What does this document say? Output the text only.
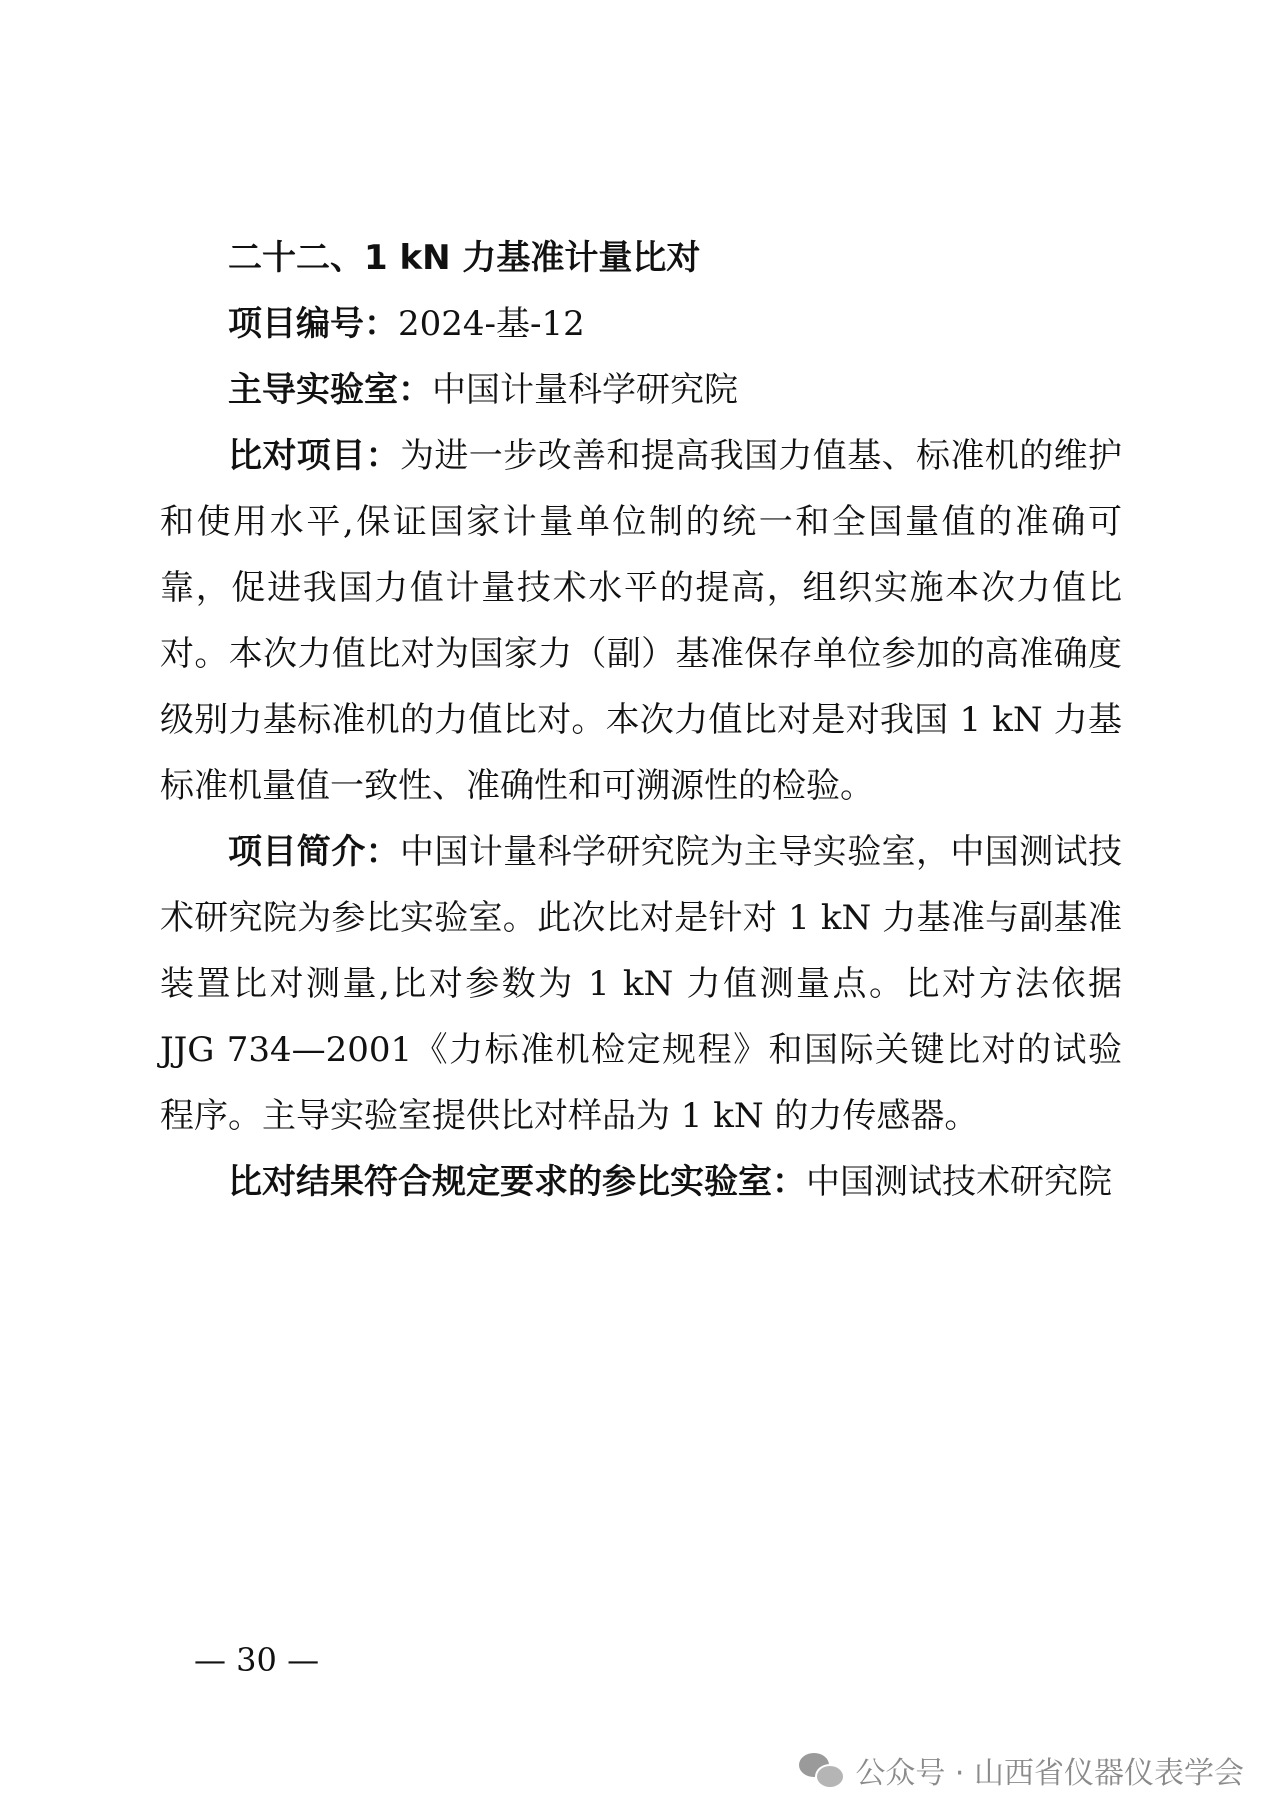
二十二、1 kN 力基准计量比对

项目编号：2024-基-12

主导实验室：中国计量科学研究院

比对项目：为进一步改善和提高我国力值基、标准机的维护和使用水平,保证国家计量单位制的统一和全国量值的准确可靠，促进我国力值计量技术水平的提高，组织实施本次力值比对。本次力值比对为国家力（副）基准保存单位参加的高准确度级别力基标准机的力值比对。本次力值比对是对我国 1 kN 力基标准机量值一致性、准确性和可溯源性的检验。

项目简介：中国计量科学研究院为主导实验室，中国测试技术研究院为参比实验室。此次比对是针对 1 kN 力基准与副基准装置比对测量,比对参数为 1 kN 力值测量点。比对方法依据 JJG 734—2001《力标准机检定规程》和国际关键比对的试验程序。主导实验室提供比对样品为 1 kN 的力传感器。

比对结果符合规定要求的参比实验室：中国测试技术研究院

— 30 —
公众号 · 山西省仪器仪表学会
